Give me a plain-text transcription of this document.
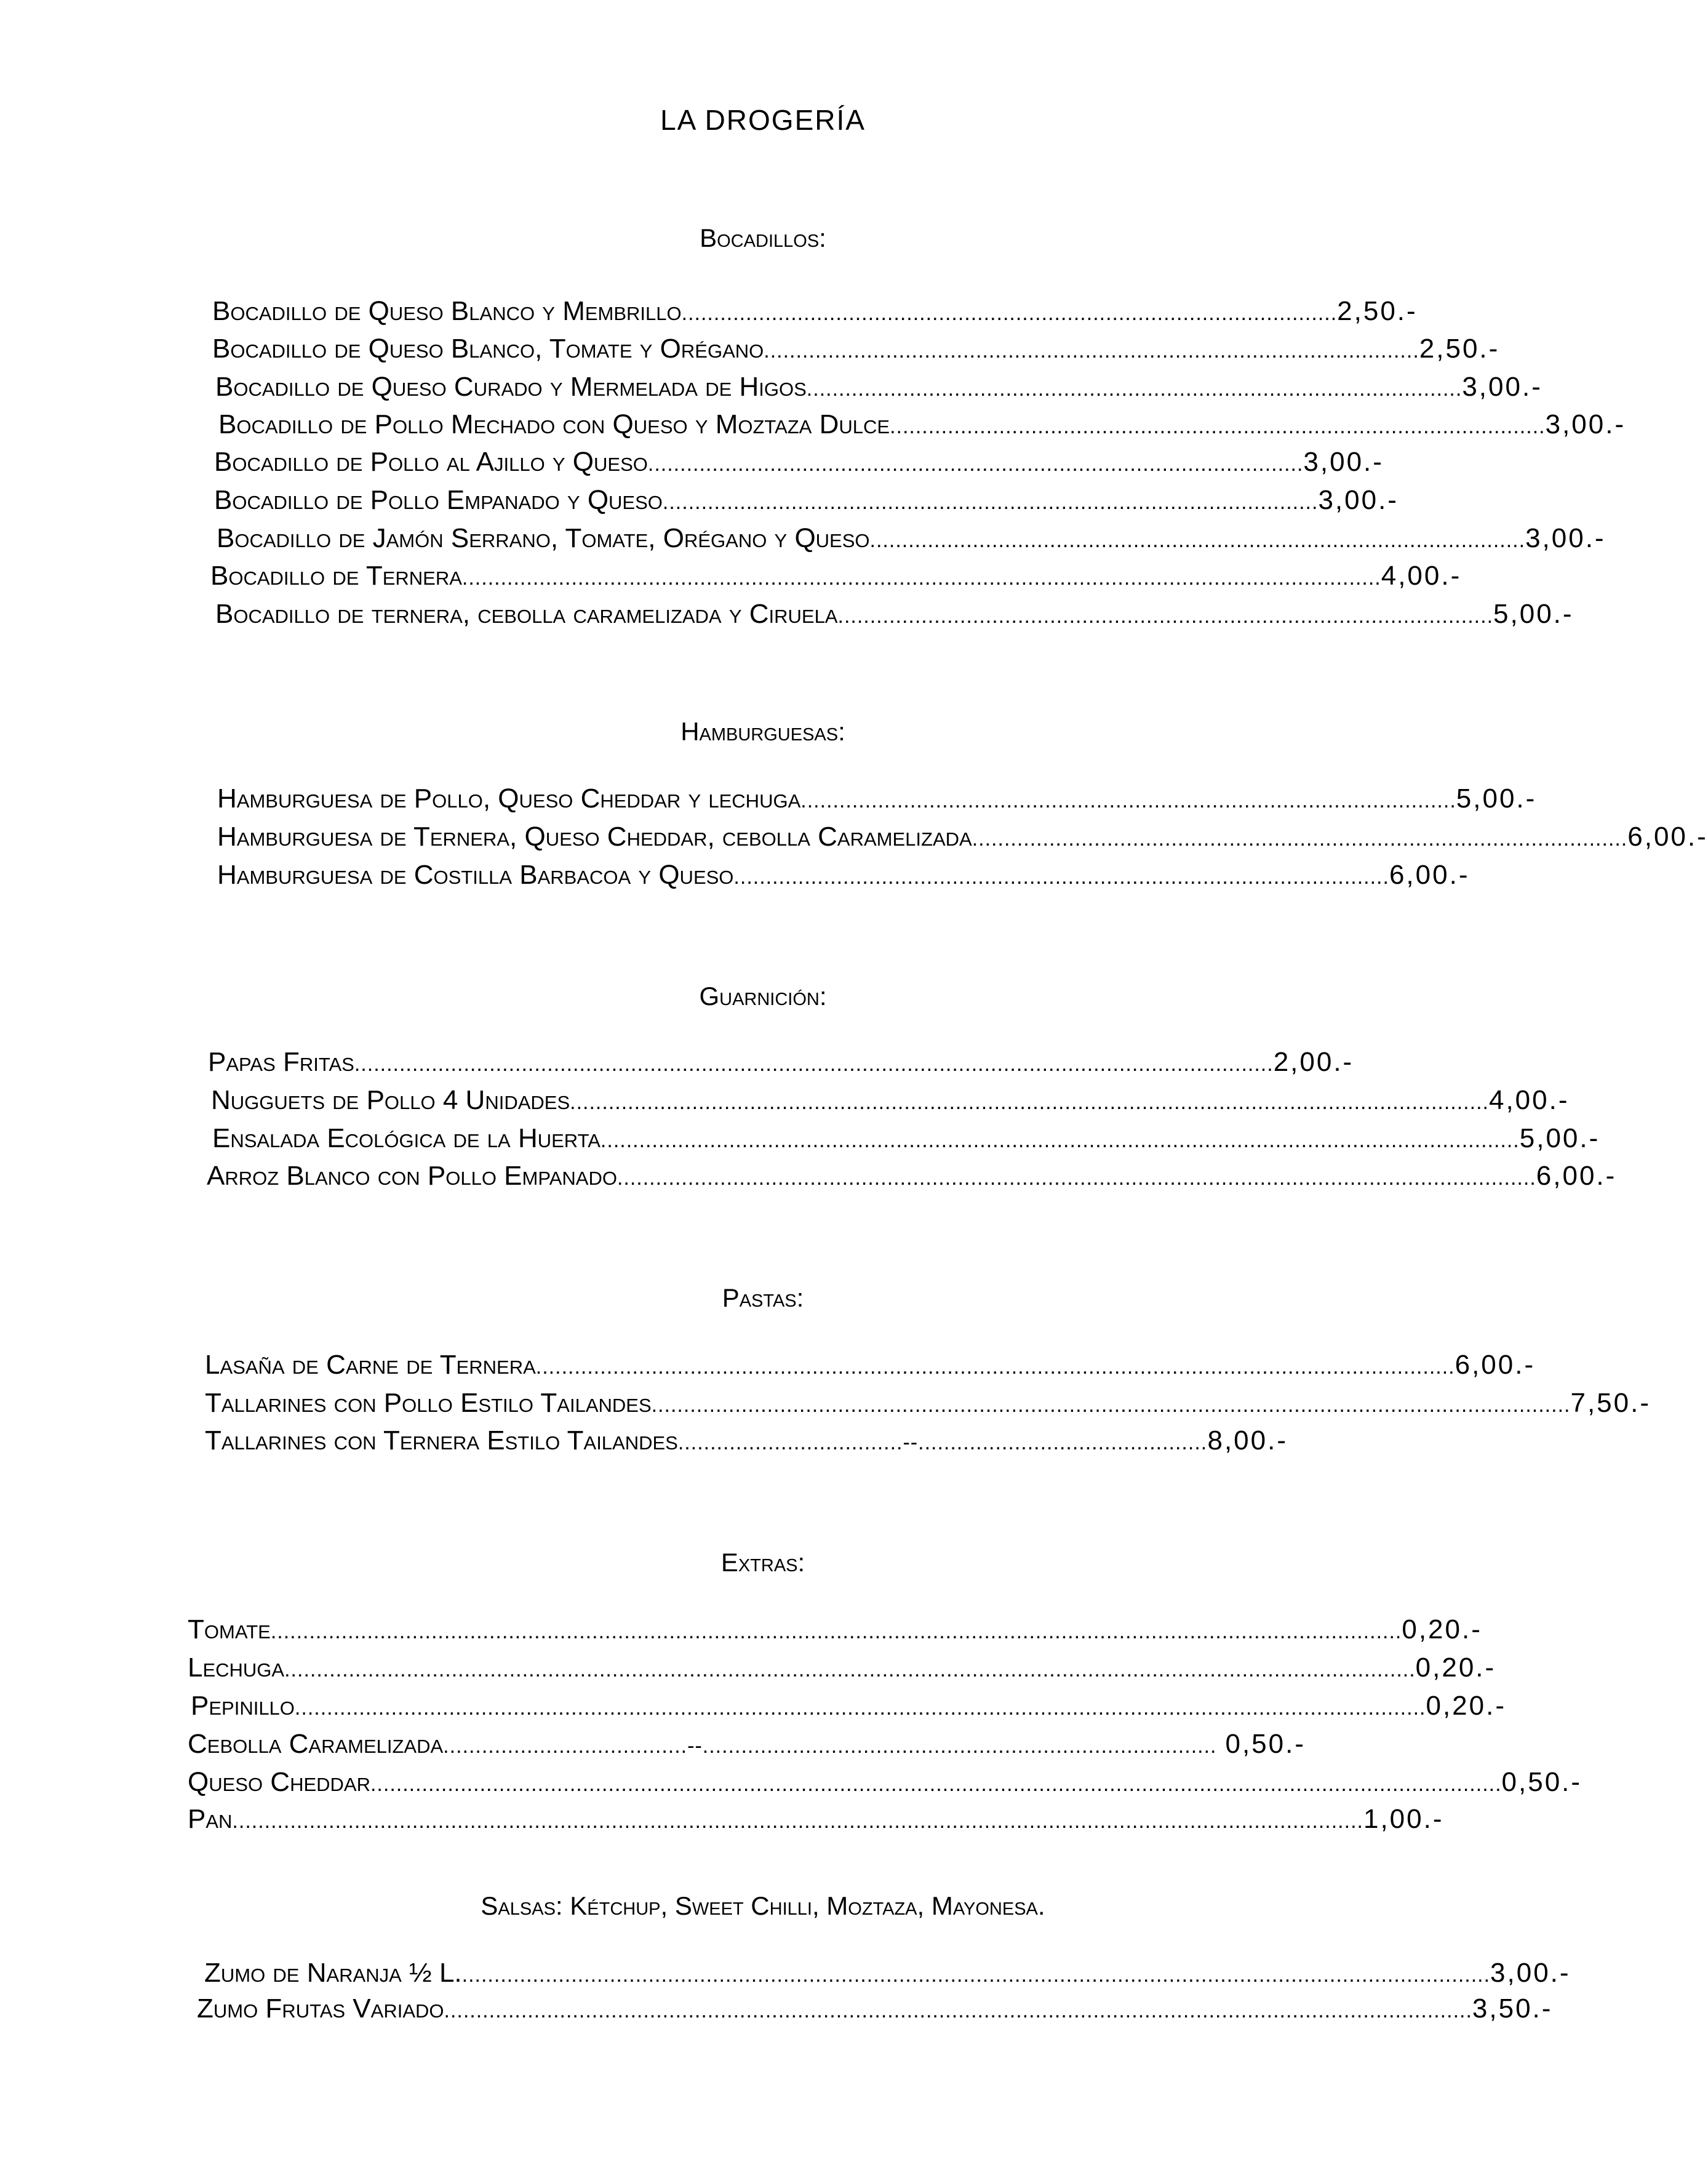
LA DROGERÍA
Bocadillos:
Bocadillo de Queso Blanco y Membrillo ...................................................................................................... 2,50.-
Bocadillo de Queso Blanco, Tomate y Orégano ...................................................................................................... 2,50.-
Bocadillo de Queso Curado y Mermelada de Higos ...................................................................................................... 3,00.-
Bocadillo de Pollo Mechado con Queso y Moztaza Dulce ...................................................................................................... 3,00.-
Bocadillo de Pollo al Ajillo y Queso ...................................................................................................... 3,00.-
Bocadillo de Pollo Empanado y Queso ...................................................................................................... 3,00.-
Bocadillo de Jamón Serrano, Tomate, Orégano y Queso ...................................................................................................... 3,00.-
Bocadillo de Ternera ............................................................................................................................................... 4,00.-
Bocadillo de ternera, cebolla caramelizada y Ciruela ...................................................................................................... 5,00.-
Hamburguesas:
Hamburguesa de Pollo, Queso Cheddar y lechuga ...................................................................................................... 5,00.-
Hamburguesa de Ternera, Queso Cheddar, cebolla Caramelizada ...................................................................................................... 6,00.-
Hamburguesa de Costilla Barbacoa y Queso ...................................................................................................... 6,00.-
Guarnición:
Papas Fritas ............................................................................................................................................... 2,00.-
Nugguets de Pollo 4 Unidades ............................................................................................................................................... 4,00.-
Ensalada Ecológica de la Huerta ............................................................................................................................................... 5,00.-
Arroz Blanco con Pollo Empanado ............................................................................................................................................... 6,00.-
Pastas:
Lasaña de Carne de Ternera ............................................................................................................................................... 6,00.-
Tallarines con Pollo Estilo Tailandes ............................................................................................................................................... 7,50.-
Tallarines con Ternera Estilo Tailandes ...................................--............................................. 8,00.-
Extras:
Tomate ................................................................................................................................................................................ 0,20.-
Lechuga ................................................................................................................................................................................ 0,20.-
Pepinillo ................................................................................................................................................................................ 0,20.-
Cebolla Caramelizada ......................................--................................................................................ 0,50.-
Queso Cheddar ................................................................................................................................................................................ 0,50.-
Pan ................................................................................................................................................................................ 1,00.-
Salsas: Kétchup, Sweet Chilli, Moztaza, Mayonesa.
Zumo de Naranja ½ L. ................................................................................................................................................................ 3,00.-
Zumo Frutas Variado ................................................................................................................................................................ 3,50.-
